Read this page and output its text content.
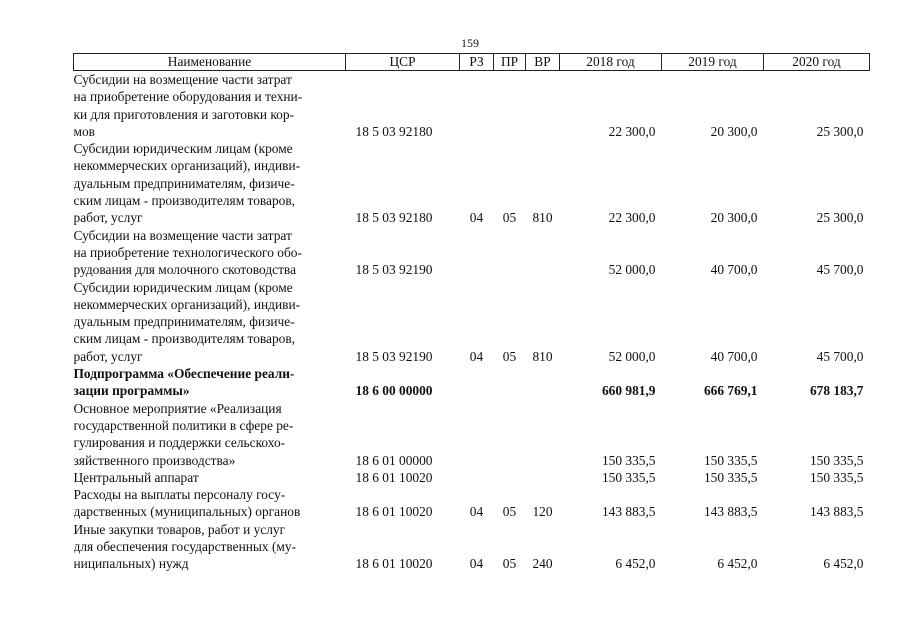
159
Наименование	ЦСР	РЗ	ПР	ВР	2018 год	2019 год	2020 год
Субсидии на возмещение части затрат
на приобретение оборудования и техни-
ки для приготовления и заготовки кор-
мов	18 5 03 92180				22 300,0	20 300,0	25 300,0
Субсидии юридическим лицам (кроме
некоммерческих организаций), индиви-
дуальным предпринимателям, физиче-
ским лицам - производителям товаров,
работ, услуг	18 5 03 92180	04	05	810	22 300,0	20 300,0	25 300,0
Субсидии на возмещение части затрат
на приобретение технологического обо-
рудования для молочного скотоводства	18 5 03 92190				52 000,0	40 700,0	45 700,0
Субсидии юридическим лицам (кроме
некоммерческих организаций), индиви-
дуальным предпринимателям, физиче-
ским лицам - производителям товаров,
работ, услуг	18 5 03 92190	04	05	810	52 000,0	40 700,0	45 700,0
Подпрограмма «Обеспечение реали-
зации программы»	18 6 00 00000				660 981,9	666 769,1	678 183,7
Основное мероприятие «Реализация
государственной политики в сфере ре-
гулирования и поддержки сельскохо-
зяйственного производства»	18 6 01 00000				150 335,5	150 335,5	150 335,5
Центральный аппарат	18 6 01 10020				150 335,5	150 335,5	150 335,5
Расходы на выплаты персоналу госу-
дарственных (муниципальных) органов	18 6 01 10020	04	05	120	143 883,5	143 883,5	143 883,5
Иные закупки товаров, работ и услуг
для обеспечения государственных (му-
ниципальных) нужд	18 6 01 10020	04	05	240	6 452,0	6 452,0	6 452,0
